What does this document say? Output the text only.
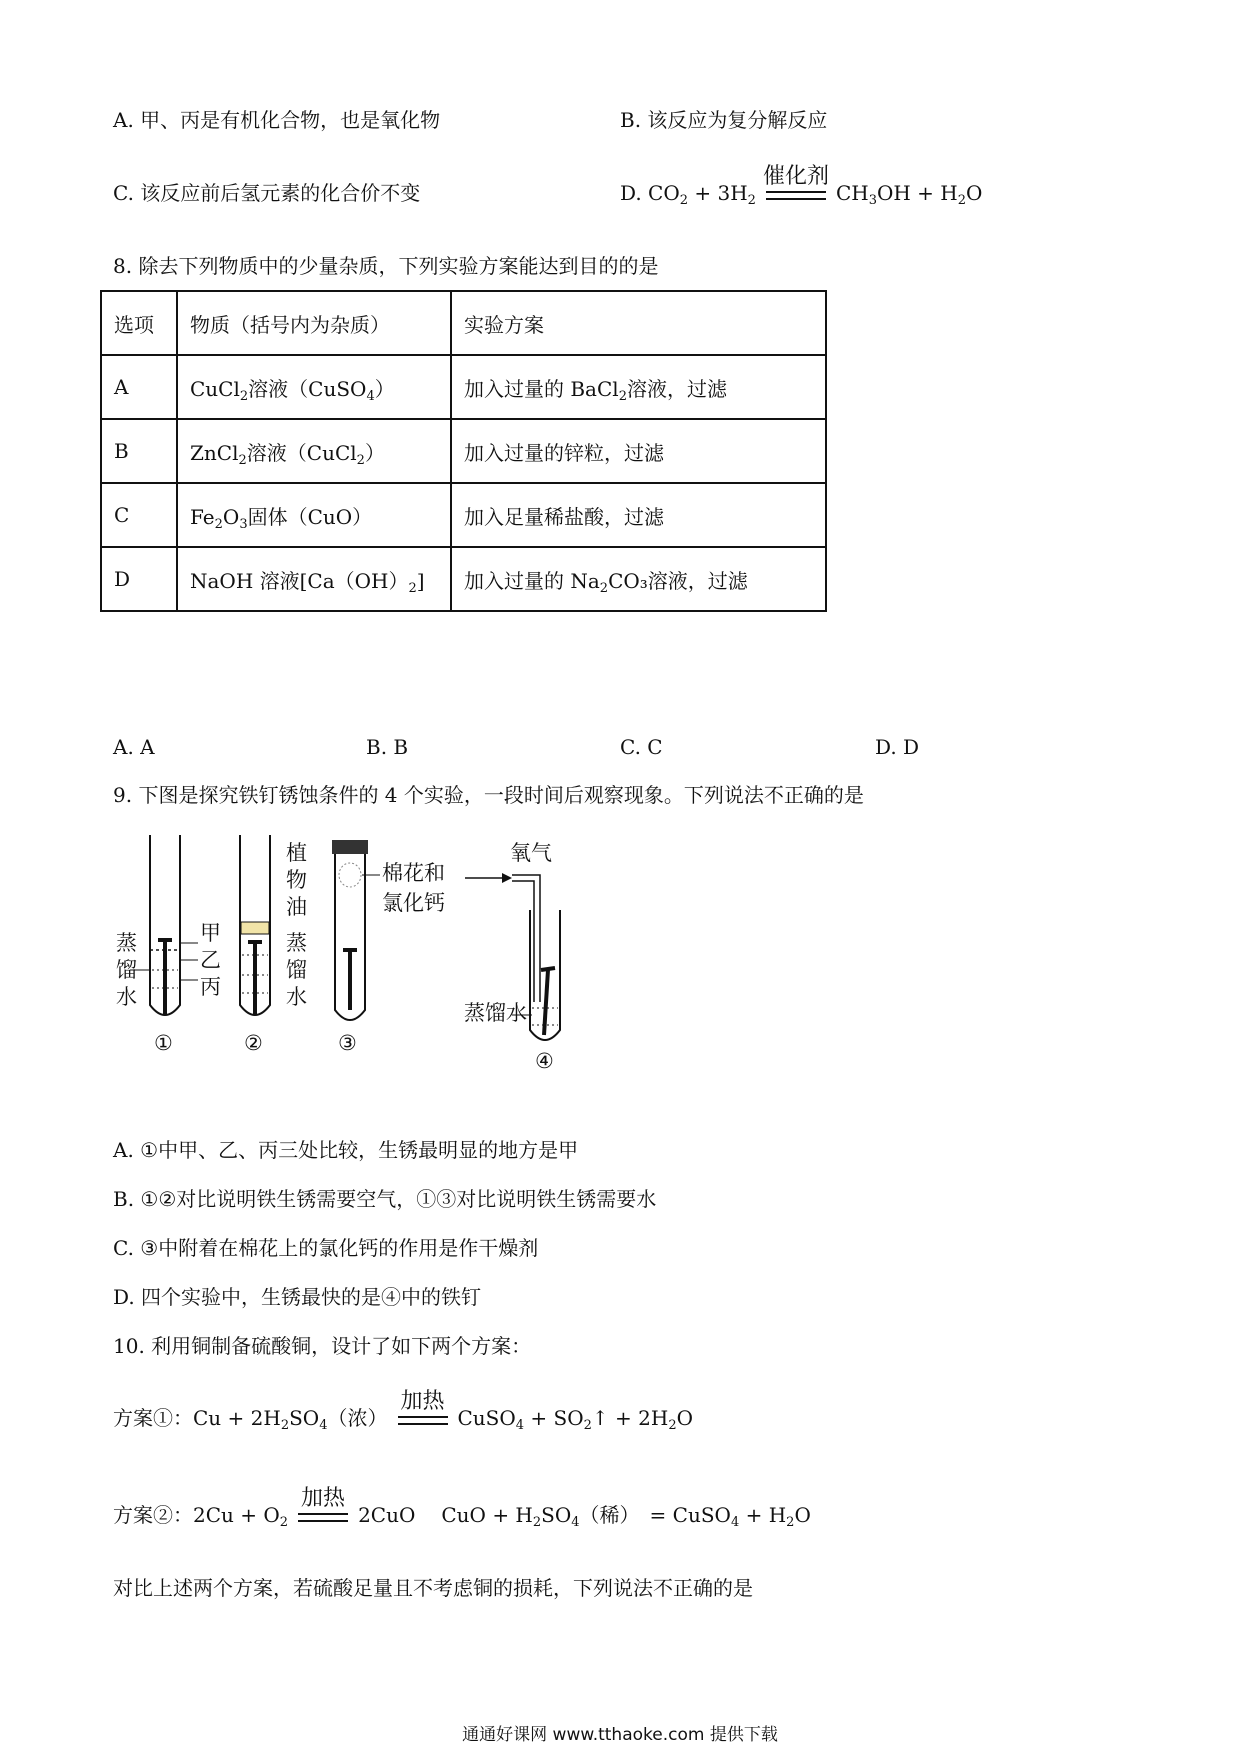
A. 甲、丙是有机化合物，也是氧化物	B. 该反应为复分解反应
C. 该反应前后氢元素的化合价不变	D. $CO_2 + 3H_2$
催化剂
$CH_3OH + H_2O$
8. 除去下列物质中的少量杂质，下列实验方案能达到目的的是
选项	物质（括号内为杂质）	实验方案
A	CuCl$_2$溶液（CuSO$_4$）	加入过量的 BaCl$_2$溶液，过滤
B	ZnCl$_2$溶液（CuCl$_2$）	加入过量的锌粒，过滤
C	$Fe_2O_3$固体（CuO）	加入足量稀盐酸，过滤
D	NaOH 溶液$[Ca(OH)_2]$	加入过量的 $Na_2CO_3$溶液，过滤
A. A	B. B	C. C	D. D
9. 下图是探究铁钉锈蚀条件的 4 个实验，一段时间后观察现象。下列说法不正确的是
蒸
馏
水
甲
乙
丙
①
植
物
油
蒸
馏
水
②
棉花和
氯化钙
③
氧气
蒸馏水
④
A. ①中甲、乙、丙三处比较，生锈最明显的地方是甲
B. ①②对比说明铁生锈需要空气，①③对比说明铁生锈需要水
C. ③中附着在棉花上的氯化钙的作用是作干燥剂
D. 四个实验中，生锈最快的是④中的铁钉
10. 利用铜制备硫酸铜，设计了如下两个方案：
方案①：$Cu + 2H_2SO_4$（浓）
加热
CuSO$_4$ + $SO_2↑ + 2H_2O$
方案②：$2Cu + O_2$
加热
2CuO CuO + $H_2SO_4$（稀） = CuSO$_4$ + $H_2O$
对比上述两个方案，若硫酸足量且不考虑铜的损耗，下列说法不正确的是
通通好课网 www.tthaoke.com 提供下载
